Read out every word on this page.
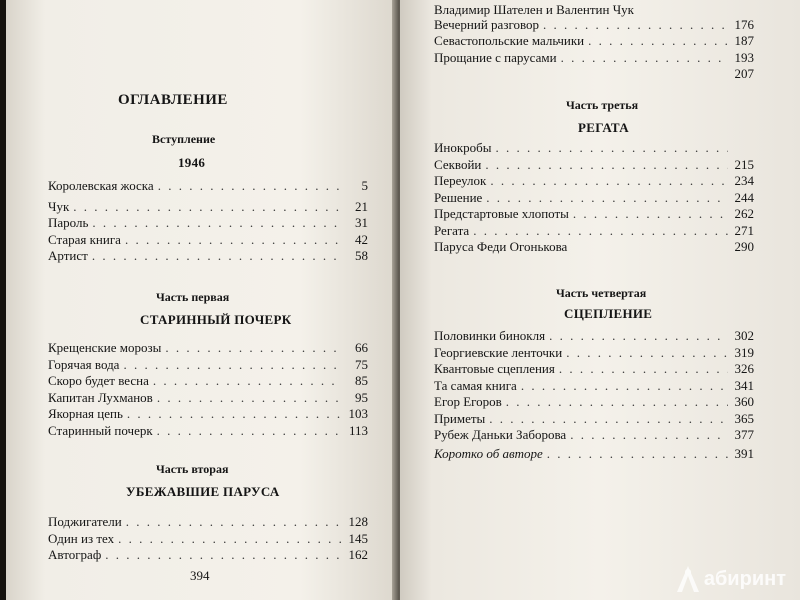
ОГЛАВЛЕНИЕ
Вступление
1946
Королевская жоска . . .	5
Чук . . .	21
Пароль . . .	31
Старая книга . . .	42
Артист . . .	58
Часть первая
СТАРИННЫЙ ПОЧЕРК
Крещенские морозы . . .	66
Горячая вода . . .	75
Скоро будет весна . . .	85
Капитан Лухманов . . .	95
Якорная цепь . . .	103
Старинный почерк . . .	113
Часть вторая
УБЕЖАВШИЕ ПАРУСА
Поджигатели . . .	128
Один из тех . . .	145
Автограф . . .	162
394
Владимир Шателен и Валентин Чук
Вечерний разговор . . .	176
Севастопольские мальчики . . .	187
Прощание с парусами . . .	193
207
Часть третья
РЕГАТА
Инокробы
. . .
Секвойи . . .	215
Переулок . . .	234
Решение . . .	244
Предстартовые хлопоты . . .	262
Регата . . .	271
Паруса Феди Огонькова	290
Часть четвертая
СЦЕПЛЕНИЕ
Половинки бинокля . . .	302
Георгиевские ленточки . . .	319
Квантовые сцепления . . .	326
Та самая книга . . .	341
Егор Егоров . . .	360
Приметы . . .	365
Рубеж Даньки Заборова . . .	377
Коротко об авторе . . .	391
абиринт
